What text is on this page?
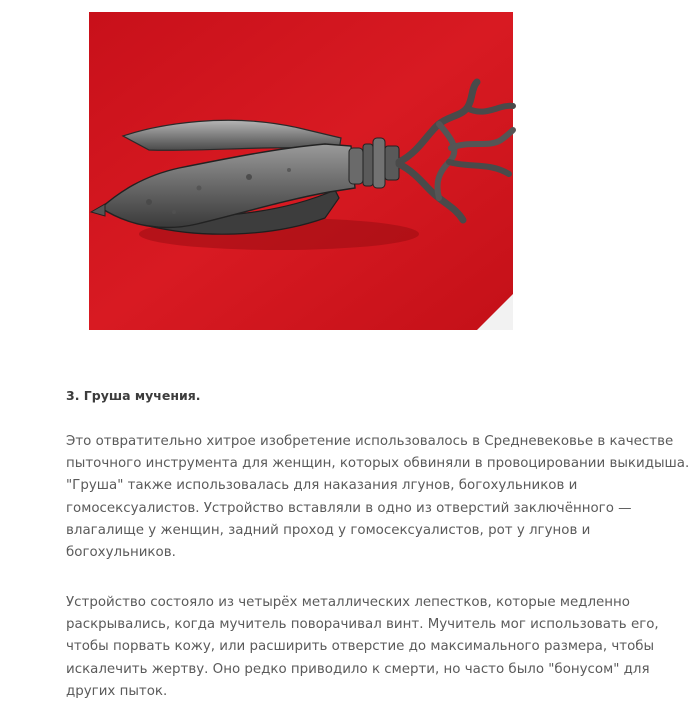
3. Груша мучения.
Это отвратительно хитрое изобретение использовалось в Средневековье в качестве
пыточного инструмента для женщин, которых обвиняли в провоцировании выкидыша.
"Груша" также использовалась для наказания лгунов, богохульников и
гомосексуалистов. Устройство вставляли в одно из отверстий заключённого —
влагалище у женщин, задний проход у гомосексуалистов, рот у лгунов и
богохульников.
Устройство состояло из четырёх металлических лепестков, которые медленно
раскрывались, когда мучитель поворачивал винт. Мучитель мог использовать его,
чтобы порвать кожу, или расширить отверстие до максимального размера, чтобы
искалечить жертву. Оно редко приводило к смерти, но часто было "бонусом" для
других пыток.
